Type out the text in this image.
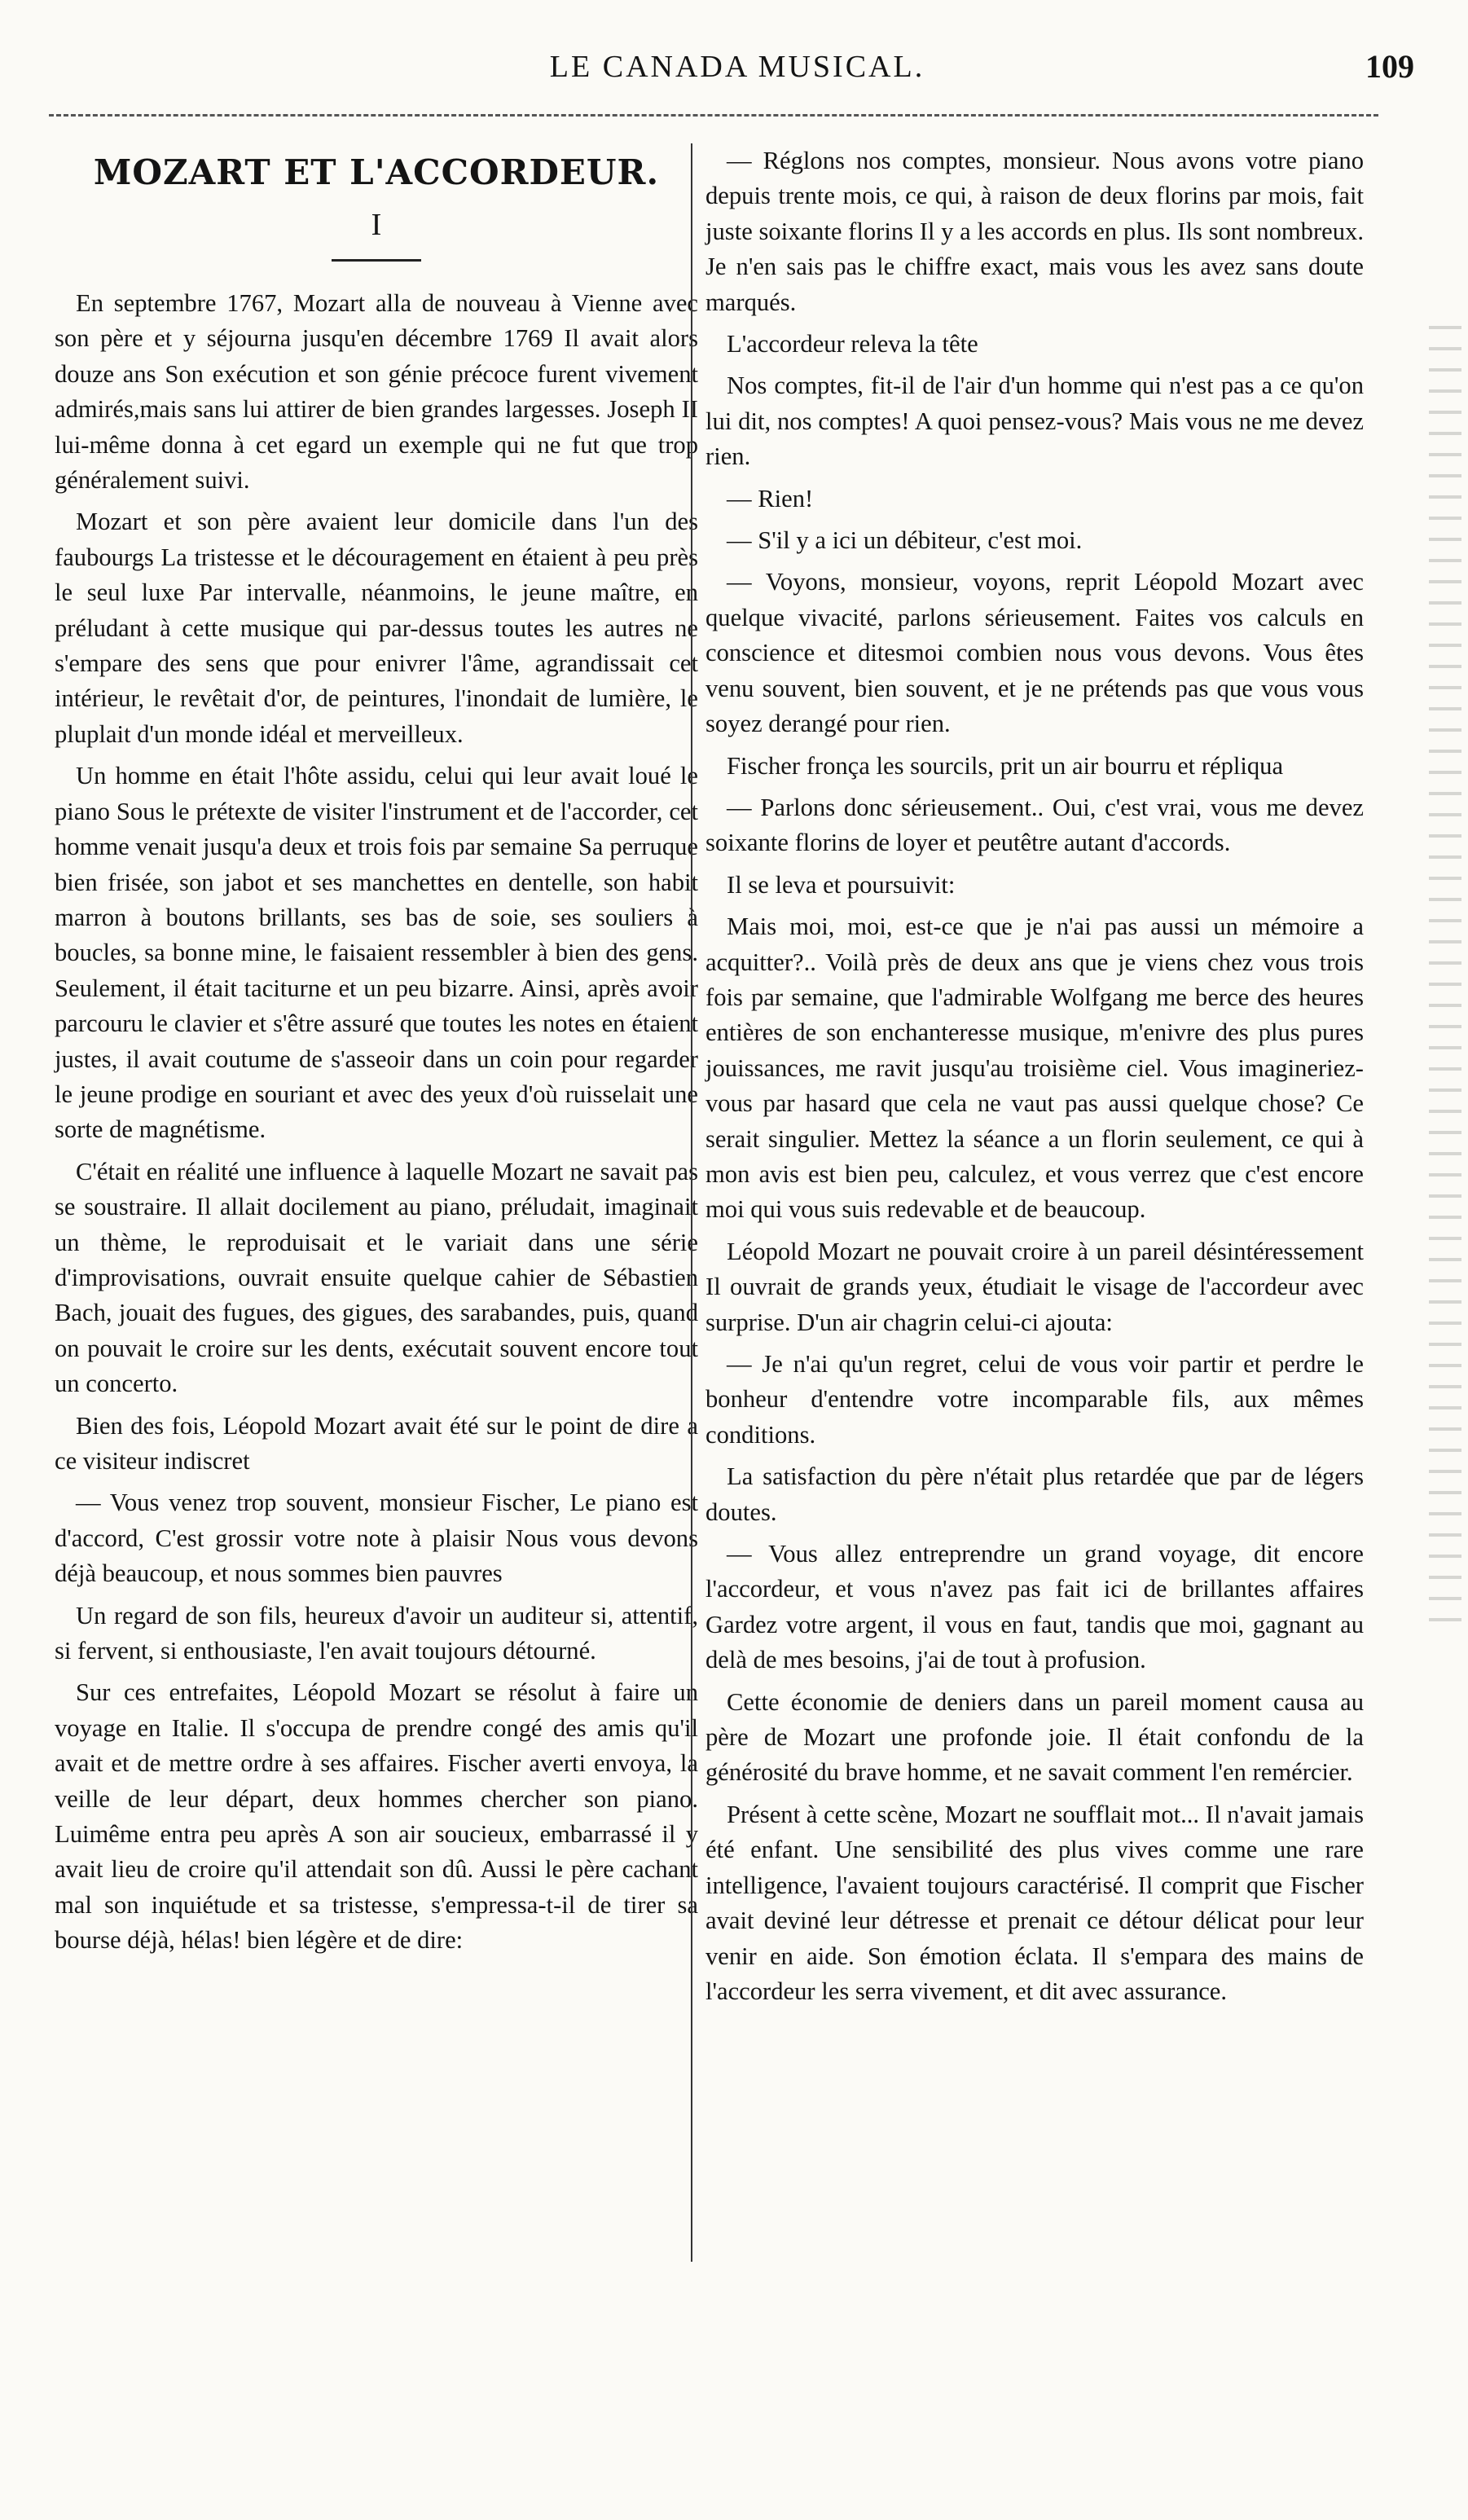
LE CANADA MUSICAL.	109
MOZART ET L'ACCORDEUR.
I

En septembre 1767, Mozart alla de nouveau à Vienne avec son père et y séjourna jusqu'en décembre 1769 Il avait alors douze ans Son exécution et son génie précoce furent vivement admirés,mais sans lui attirer de bien grandes largesses. Joseph II lui-même donna à cet egard un exemple qui ne fut que trop généralement suivi.

Mozart et son père avaient leur domicile dans l'un des faubourgs La tristesse et le découragement en étaient à peu près le seul luxe Par intervalle, néanmoins, le jeune maître, en préludant à cette musique qui par-dessus toutes les autres ne s'empare des sens que pour enivrer l'âme, agrandissait cet intérieur, le revêtait d'or, de peintures, l'inondait de lumière, le pluplait d'un monde idéal et merveilleux.

Un homme en était l'hôte assidu, celui qui leur avait loué le piano Sous le prétexte de visiter l'instrument et de l'accorder, cet homme venait jusqu'a deux et trois fois par semaine Sa perruque bien frisée, son jabot et ses manchettes en dentelle, son habit marron à boutons brillants, ses bas de soie, ses souliers à boucles, sa bonne mine, le faisaient ressembler à bien des gens. Seulement, il était taciturne et un peu bizarre. Ainsi, après avoir parcouru le clavier et s'être assuré que toutes les notes en étaient justes, il avait coutume de s'asseoir dans un coin pour regarder le jeune prodige en souriant et avec des yeux d'où ruisselait une sorte de magnétisme.

C'était en réalité une influence à laquelle Mozart ne savait pas se soustraire. Il allait docilement au piano, préludait, imaginait un thème, le reproduisait et le variait dans une série d'improvisations, ouvrait ensuite quelque cahier de Sébastien Bach, jouait des fugues, des gigues, des sarabandes, puis, quand on pouvait le croire sur les dents, exécutait souvent encore tout un concerto.

Bien des fois, Léopold Mozart avait été sur le point de dire a ce visiteur indiscret

— Vous venez trop souvent, monsieur Fischer, Le piano est d'accord, C'est grossir votre note à plaisir Nous vous devons déjà beaucoup, et nous sommes bien pauvres

Un regard de son fils, heureux d'avoir un auditeur si, attentif, si fervent, si enthousiaste, l'en avait toujours détourné.

Sur ces entrefaites, Léopold Mozart se résolut à faire un voyage en Italie. Il s'occupa de prendre congé des amis qu'il avait et de mettre ordre à ses affaires. Fischer averti envoya, la veille de leur départ, deux hommes chercher son piano. Luimême entra peu après A son air soucieux, embarrassé il y avait lieu de croire qu'il attendait son dû. Aussi le père cachant mal son inquiétude et sa tristesse, s'empressa-t-il de tirer sa bourse déjà, hélas! bien légère et de dire:

— Réglons nos comptes, monsieur. Nous avons votre piano depuis trente mois, ce qui, à raison de deux florins par mois, fait juste soixante florins Il y a les accords en plus. Ils sont nombreux. Je n'en sais pas le chiffre exact, mais vous les avez sans doute marqués.

L'accordeur releva la tête

Nos comptes, fit-il de l'air d'un homme qui n'est pas a ce qu'on lui dit, nos comptes! A quoi pensez-vous? Mais vous ne me devez rien.

— Rien!

— S'il y a ici un débiteur, c'est moi.

— Voyons, monsieur, voyons, reprit Léopold Mozart avec quelque vivacité, parlons sérieusement. Faites vos calculs en conscience et ditesmoi combien nous vous devons. Vous êtes venu souvent, bien souvent, et je ne prétends pas que vous vous soyez derangé pour rien.

Fischer fronça les sourcils, prit un air bourru et répliqua

— Parlons donc sérieusement.. Oui, c'est vrai, vous me devez soixante florins de loyer et peutêtre autant d'accords.

Il se leva et poursuivit:

Mais moi, moi, est-ce que je n'ai pas aussi un mémoire a acquitter?.. Voilà près de deux ans que je viens chez vous trois fois par semaine, que l'admirable Wolfgang me berce des heures entières de son enchanteresse musique, m'enivre des plus pures jouissances, me ravit jusqu'au troisième ciel. Vous imagineriez-vous par hasard que cela ne vaut pas aussi quelque chose? Ce serait singulier. Mettez la séance a un florin seulement, ce qui à mon avis est bien peu, calculez, et vous verrez que c'est encore moi qui vous suis redevable et de beaucoup.

Léopold Mozart ne pouvait croire à un pareil désintéressement Il ouvrait de grands yeux, étudiait le visage de l'accordeur avec surprise. D'un air chagrin celui-ci ajouta:

— Je n'ai qu'un regret, celui de vous voir partir et perdre le bonheur d'entendre votre incomparable fils, aux mêmes conditions.

La satisfaction du père n'était plus retardée que par de légers doutes.

— Vous allez entreprendre un grand voyage, dit encore l'accordeur, et vous n'avez pas fait ici de brillantes affaires Gardez votre argent, il vous en faut, tandis que moi, gagnant au delà de mes besoins, j'ai de tout à profusion.

Cette économie de deniers dans un pareil moment causa au père de Mozart une profonde joie. Il était confondu de la générosité du brave homme, et ne savait comment l'en remércier.

Présent à cette scène, Mozart ne soufflait mot... Il n'avait jamais été enfant. Une sensibilité des plus vives comme une rare intelligence, l'avaient toujours caractérisé. Il comprit que Fischer avait deviné leur détresse et prenait ce détour délicat pour leur venir en aide. Son émotion éclata. Il s'empara des mains de l'accordeur les serra vivement, et dit avec assurance.
